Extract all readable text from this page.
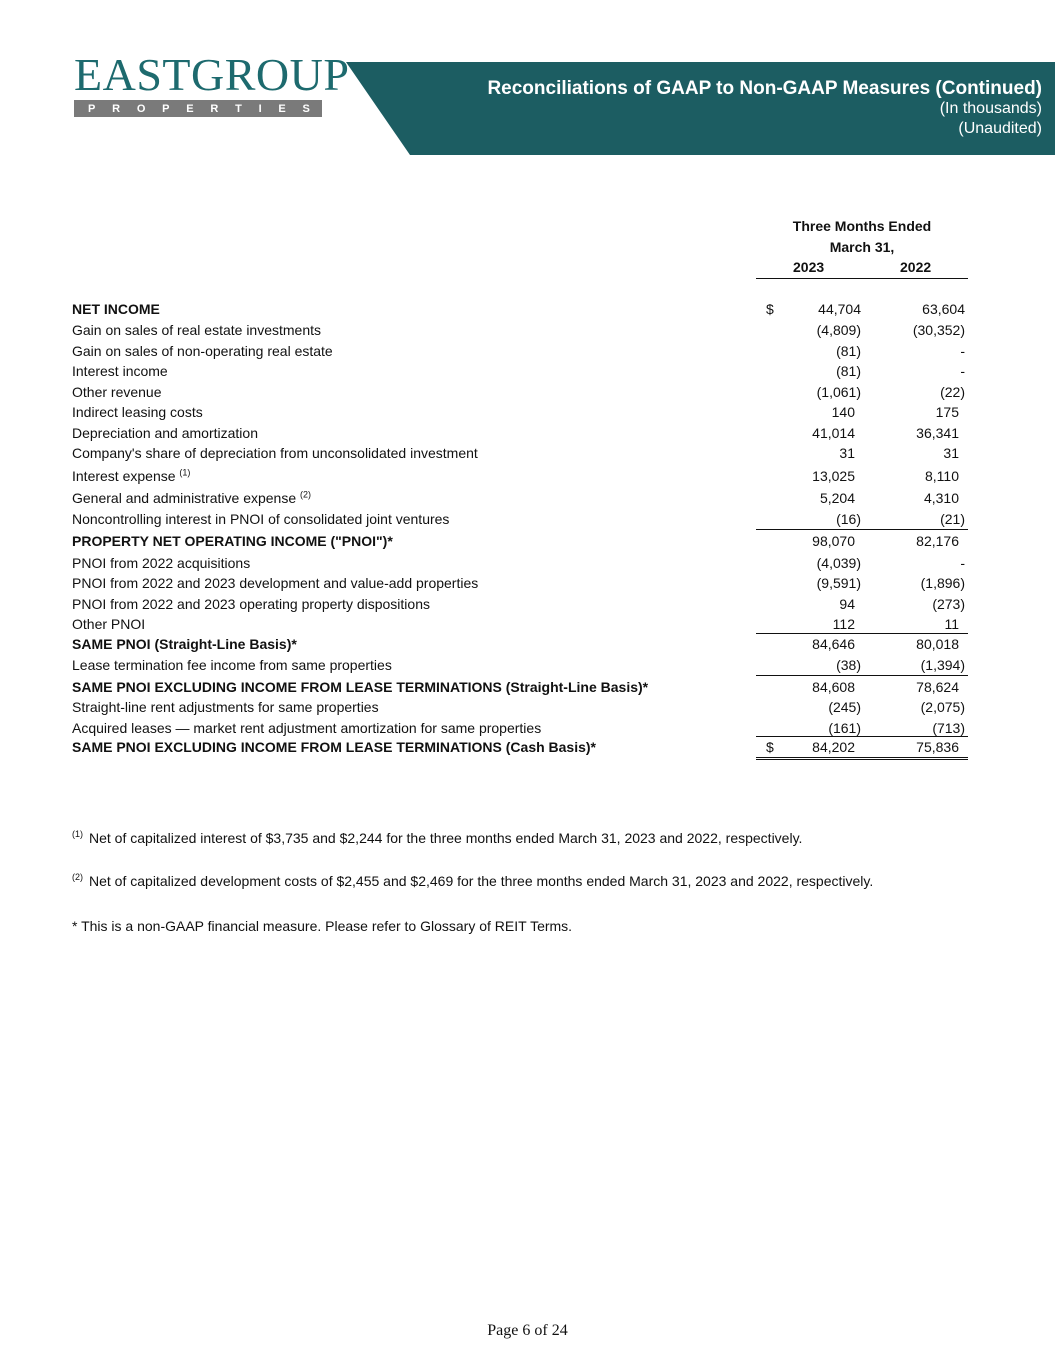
EASTGROUP
P R O P E R T I E S
Reconciliations of GAAP to Non-GAAP Measures (Continued)
(In thousands)
(Unaudited)
Three Months Ended
March 31,
2023	2022
NET INCOME	$	44,704	63,604
Gain on sales of real estate investments	(4,809)	(30,352)
Gain on sales of non-operating real estate	(81)	-
Interest income	(81)	-
Other revenue	(1,061)	(22)
Indirect leasing costs	140	175
Depreciation and amortization	41,014	36,341
Company's share of depreciation from unconsolidated investment	31	31
Interest expense $^{(1)}$	13,025	8,110
General and administrative expense $^{(2)}$	5,204	4,310
Noncontrolling interest in PNOI of consolidated joint ventures	(16)	(21)
PROPERTY NET OPERATING INCOME ("PNOI")*	98,070	82,176
PNOI from 2022 acquisitions	(4,039)	-
PNOI from 2022 and 2023 development and value-add properties	(9,591)	(1,896)
PNOI from 2022 and 2023 operating property dispositions	94	(273)
Other PNOI	112	11
SAME PNOI (Straight-Line Basis)*	84,646	80,018
Lease termination fee income from same properties	(38)	(1,394)
SAME PNOI EXCLUDING INCOME FROM LEASE TERMINATIONS (Straight-Line Basis)*	84,608	78,624
Straight-line rent adjustments for same properties	(245)	(2,075)
Acquired leases — market rent adjustment amortization for same properties	(161)	(713)
SAME PNOI EXCLUDING INCOME FROM LEASE TERMINATIONS (Cash Basis)*	$	84,202	75,836
$^{(1)}$ Net of capitalized interest of $3,735 and $2,244 for the three months ended March 31, 2023 and 2022, respectively.
$^{(2)}$ Net of capitalized development costs of $2,455 and $2,469 for the three months ended March 31, 2023 and 2022, respectively.
* This is a non-GAAP financial measure. Please refer to Glossary of REIT Terms.
Page 6 of 24
